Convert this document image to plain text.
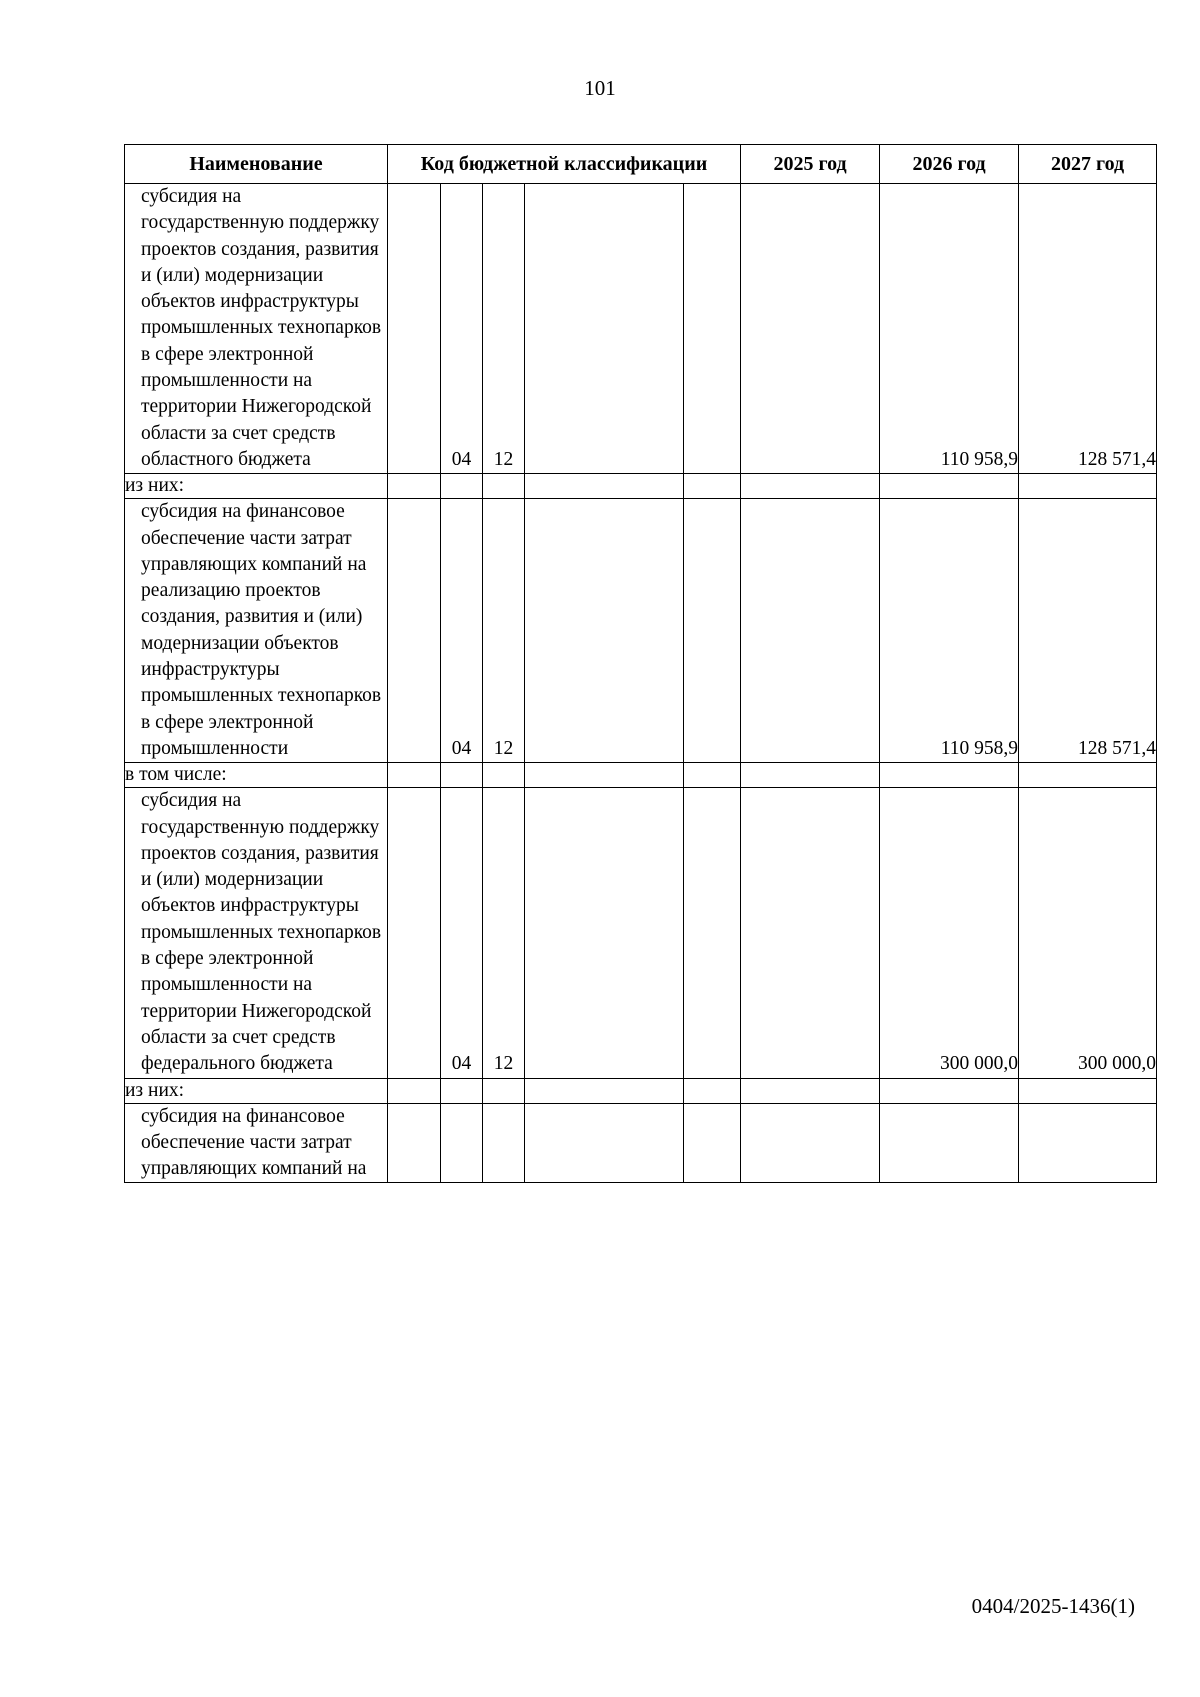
101
Наименование	Код бюджетной классификации					2025 год	2026 год	2027 год
субсидия на государственную поддержку проектов создания, развития и (или) модернизации объектов инфраструктуры промышленных технопарков в сфере электронной промышленности на территории Нижегородской области за счет средств областного бюджета		04	12				110 958,9	128 571,4
из них:								
субсидия на финансовое обеспечение части затрат управляющих компаний на реализацию проектов создания, развития и (или) модернизации объектов инфраструктуры промышленных технопарков в сфере электронной промышленности		04	12				110 958,9	128 571,4
в том числе:								
субсидия на государственную поддержку проектов создания, развития и (или) модернизации объектов инфраструктуры промышленных технопарков в сфере электронной промышленности на территории Нижегородской области за счет средств федерального бюджета		04	12				300 000,0	300 000,0
из них:								
субсидия на финансовое обеспечение части затрат управляющих компаний на								
0404/2025-1436(1)
